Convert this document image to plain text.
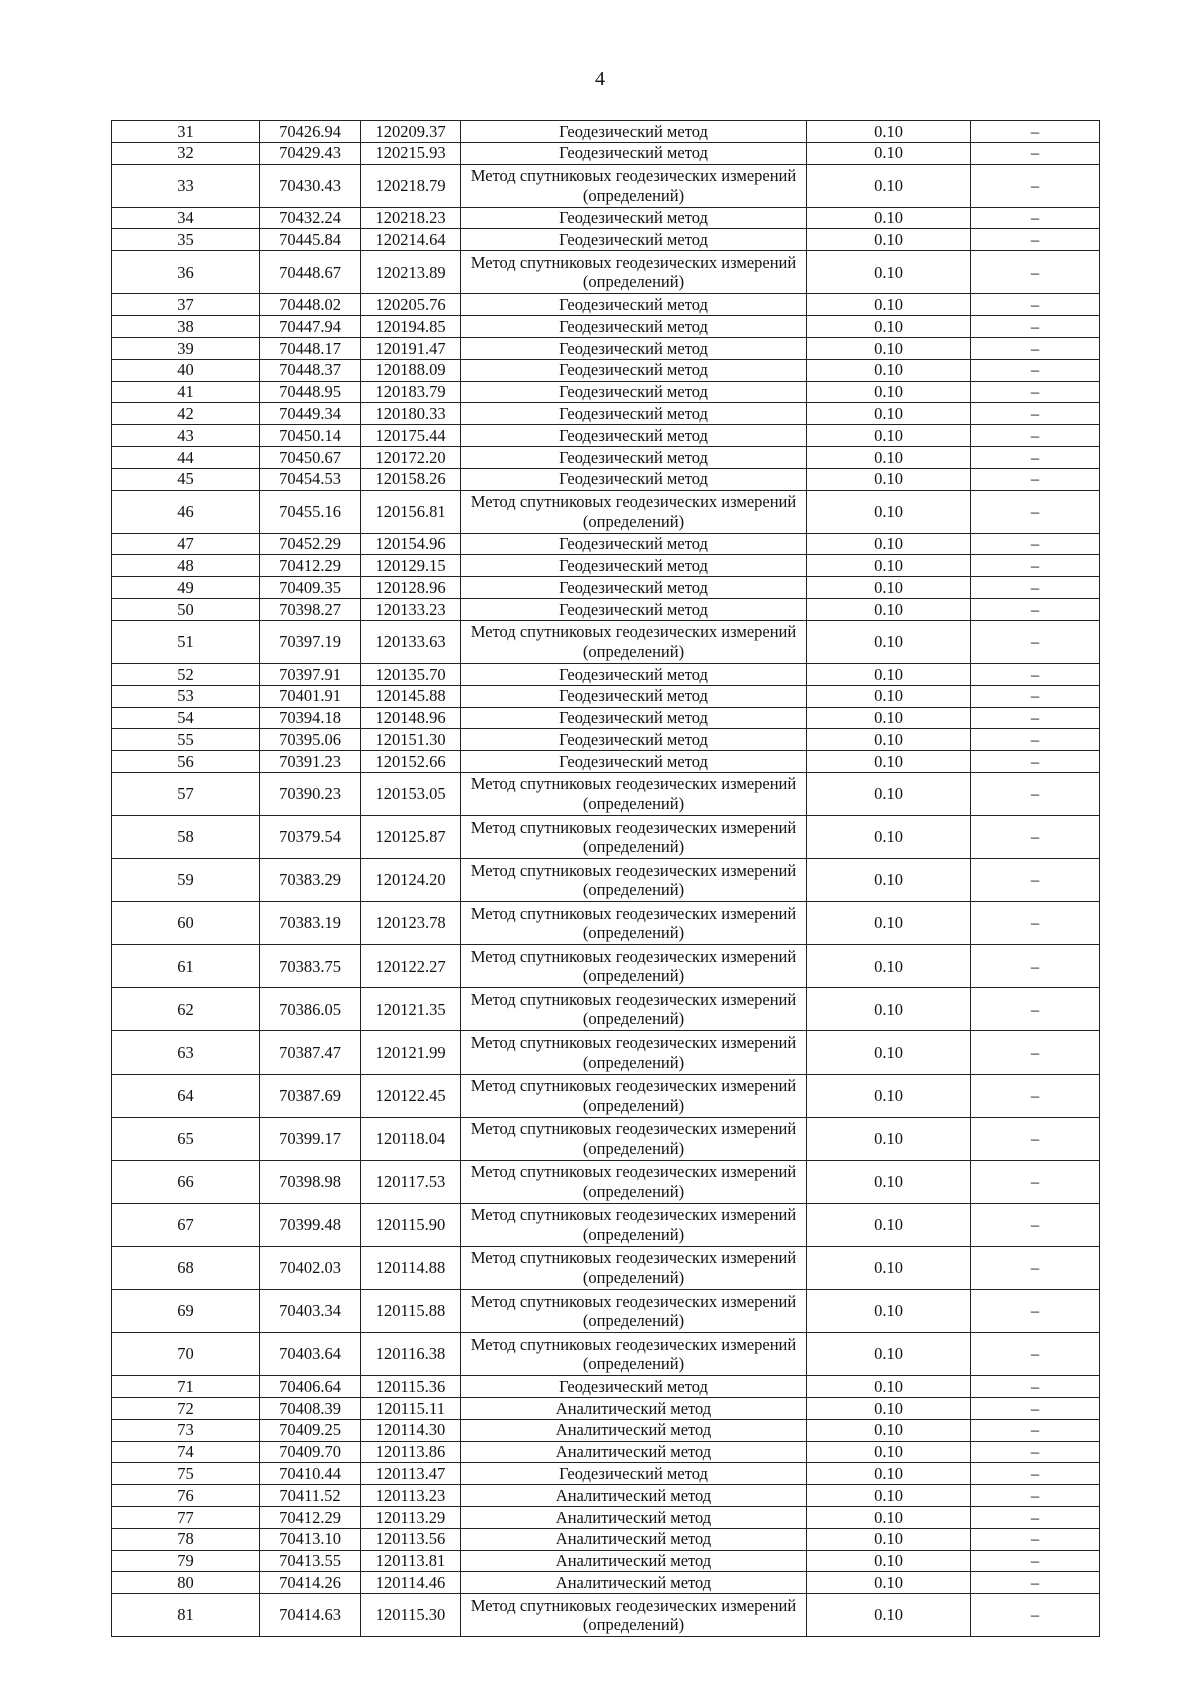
4
31	70426.94	120209.37	Геодезический метод	0.10	–
32	70429.43	120215.93	Геодезический метод	0.10	–
33	70430.43	120218.79	Метод спутниковых геодезических измерений (определений)	0.10	–
34	70432.24	120218.23	Геодезический метод	0.10	–
35	70445.84	120214.64	Геодезический метод	0.10	–
36	70448.67	120213.89	Метод спутниковых геодезических измерений (определений)	0.10	–
37	70448.02	120205.76	Геодезический метод	0.10	–
38	70447.94	120194.85	Геодезический метод	0.10	–
39	70448.17	120191.47	Геодезический метод	0.10	–
40	70448.37	120188.09	Геодезический метод	0.10	–
41	70448.95	120183.79	Геодезический метод	0.10	–
42	70449.34	120180.33	Геодезический метод	0.10	–
43	70450.14	120175.44	Геодезический метод	0.10	–
44	70450.67	120172.20	Геодезический метод	0.10	–
45	70454.53	120158.26	Геодезический метод	0.10	–
46	70455.16	120156.81	Метод спутниковых геодезических измерений (определений)	0.10	–
47	70452.29	120154.96	Геодезический метод	0.10	–
48	70412.29	120129.15	Геодезический метод	0.10	–
49	70409.35	120128.96	Геодезический метод	0.10	–
50	70398.27	120133.23	Геодезический метод	0.10	–
51	70397.19	120133.63	Метод спутниковых геодезических измерений (определений)	0.10	–
52	70397.91	120135.70	Геодезический метод	0.10	–
53	70401.91	120145.88	Геодезический метод	0.10	–
54	70394.18	120148.96	Геодезический метод	0.10	–
55	70395.06	120151.30	Геодезический метод	0.10	–
56	70391.23	120152.66	Геодезический метод	0.10	–
57	70390.23	120153.05	Метод спутниковых геодезических измерений (определений)	0.10	–
58	70379.54	120125.87	Метод спутниковых геодезических измерений (определений)	0.10	–
59	70383.29	120124.20	Метод спутниковых геодезических измерений (определений)	0.10	–
60	70383.19	120123.78	Метод спутниковых геодезических измерений (определений)	0.10	–
61	70383.75	120122.27	Метод спутниковых геодезических измерений (определений)	0.10	–
62	70386.05	120121.35	Метод спутниковых геодезических измерений (определений)	0.10	–
63	70387.47	120121.99	Метод спутниковых геодезических измерений (определений)	0.10	–
64	70387.69	120122.45	Метод спутниковых геодезических измерений (определений)	0.10	–
65	70399.17	120118.04	Метод спутниковых геодезических измерений (определений)	0.10	–
66	70398.98	120117.53	Метод спутниковых геодезических измерений (определений)	0.10	–
67	70399.48	120115.90	Метод спутниковых геодезических измерений (определений)	0.10	–
68	70402.03	120114.88	Метод спутниковых геодезических измерений (определений)	0.10	–
69	70403.34	120115.88	Метод спутниковых геодезических измерений (определений)	0.10	–
70	70403.64	120116.38	Метод спутниковых геодезических измерений (определений)	0.10	–
71	70406.64	120115.36	Геодезический метод	0.10	–
72	70408.39	120115.11	Аналитический метод	0.10	–
73	70409.25	120114.30	Аналитический метод	0.10	–
74	70409.70	120113.86	Аналитический метод	0.10	–
75	70410.44	120113.47	Геодезический метод	0.10	–
76	70411.52	120113.23	Аналитический метод	0.10	–
77	70412.29	120113.29	Аналитический метод	0.10	–
78	70413.10	120113.56	Аналитический метод	0.10	–
79	70413.55	120113.81	Аналитический метод	0.10	–
80	70414.26	120114.46	Аналитический метод	0.10	–
81	70414.63	120115.30	Метод спутниковых геодезических измерений (определений)	0.10	–
